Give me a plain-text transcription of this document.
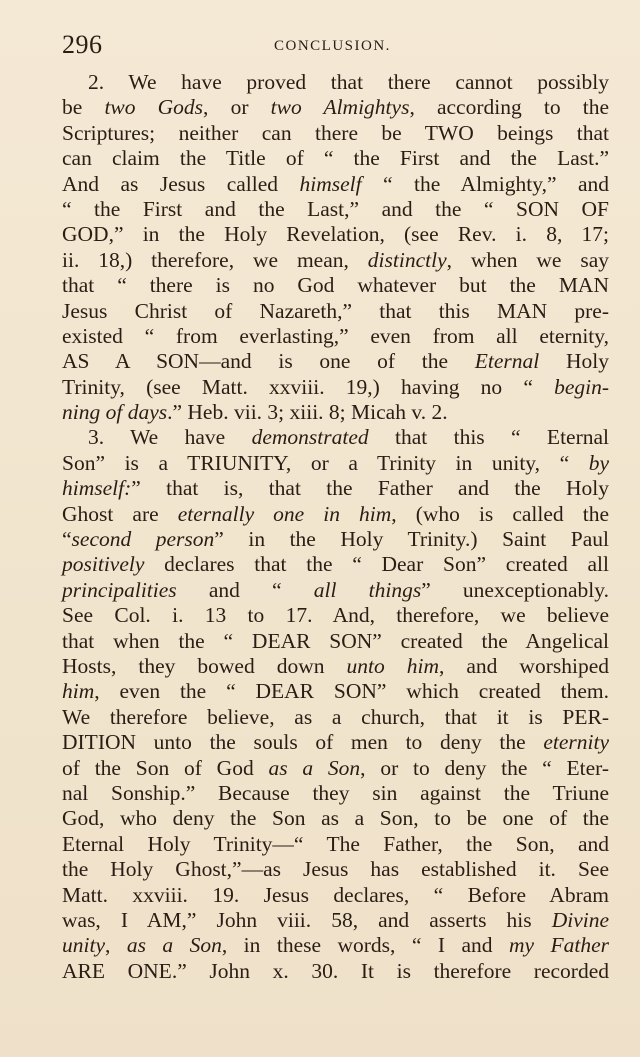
296	CONCLUSION.
2. We have proved that there cannot possibly
be two Gods, or two Almightys, according to the
Scriptures; neither can there be TWO beings that
can claim the Title of “ the First and the Last.”
And as Jesus called himself “ the Almighty,” and
“ the First and the Last,” and the “ SON OF
GOD,” in the Holy Revelation, (see Rev. i. 8, 17;
ii. 18,) therefore, we mean, distinctly, when we say
that “ there is no God whatever but the MAN
Jesus Christ of Nazareth,” that this MAN pre-
existed “ from everlasting,” even from all eternity,
AS A SON—and is one of the Eternal Holy
Trinity, (see Matt. xxviii. 19,) having no “ begin-
ning of days.” Heb. vii. 3; xiii. 8; Micah v. 2.
3. We have demonstrated that this “ Eternal
Son” is a TRIUNITY, or a Trinity in unity, “ by
himself:” that is, that the Father and the Holy
Ghost are eternally one in him, (who is called the
“second person” in the Holy Trinity.) Saint Paul
positively declares that the “ Dear Son” created all
principalities and “ all things” unexceptionably.
See Col. i. 13 to 17. And, therefore, we believe
that when the “ DEAR SON” created the Angelical
Hosts, they bowed down unto him, and worshiped
him, even the “ DEAR SON” which created them.
We therefore believe, as a church, that it is PER-
DITION unto the souls of men to deny the eternity
of the Son of God as a Son, or to deny the “ Eter-
nal Sonship.” Because they sin against the Triune
God, who deny the Son as a Son, to be one of the
Eternal Holy Trinity—“ The Father, the Son, and
the Holy Ghost,”—as Jesus has established it. See
Matt. xxviii. 19. Jesus declares, “ Before Abram
was, I AM,” John viii. 58, and asserts his Divine
unity, as a Son, in these words, “ I and my Father
ARE ONE.” John x. 30. It is therefore recorded
